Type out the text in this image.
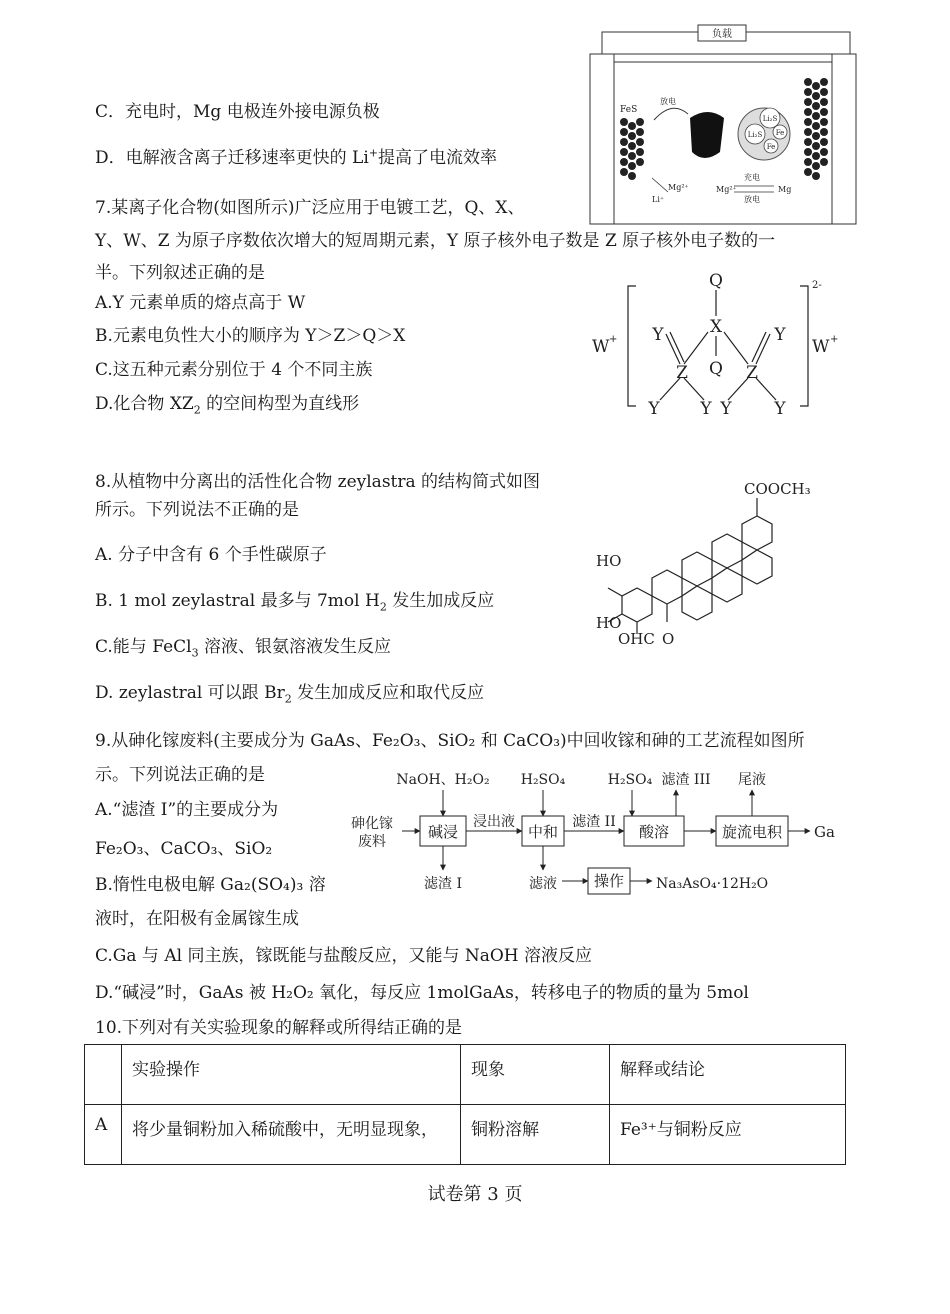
C．充电时，Mg 电极连外接电源负极
D．电解液含离子迁移速率更快的 Li+提高了电流效率
负载
FeS
放电
Li₂S
Li₂S Fe
Fe
Mg²⁺
Li⁺
充电
Mg²⁺	Mg
放电
7.某离子化合物(如图所示)广泛应用于电镀工艺，Q、X、
Y、W、Z 为原子序数依次增大的短周期元素，Y 原子核外电子数是 Z 原子核外电子数的一
半。下列叙述正确的是
A.Y 元素单质的熔点高于 W
B.元素电负性大小的顺序为 Y＞Z＞Q＞X
C.这五种元素分别位于 4 个不同主族
D.化合物 $XZ_2$ 的空间构型为直线形
Q
X
Q
Y	Y
Z	Z
Y Y Y	Y
W +	W +
2-
8.从植物中分离出的活性化合物 zeylastra 的结构简式如图
所示。下列说法不正确的是
A. 分子中含有 6 个手性碳原子
B. 1 mol zeylastral 最多与 7mol $H_2$ 发生加成反应
C.能与 FeCl$_3$ 溶液、银氨溶液发生反应
D. zeylastral 可以跟 $Br_2$ 发生加成反应和取代反应
COOCH₃
HO
HO
OHC O
9.从砷化镓废料(主要成分为 GaAs、Fe₂O₃、SiO₂ 和 CaCO₃)中回收镓和砷的工艺流程如图所
示。下列说法正确的是
A.“滤渣 I”的主要成分为
Fe₂O₃、CaCO₃、SiO₂
B.惰性电极电解 Ga₂(SO₄)₃ 溶
液时，在阳极有金属镓生成
C.Ga 与 Al 同主族，镓既能与盐酸反应，又能与 NaOH 溶液反应
D.“碱浸”时，GaAs 被 H₂O₂ 氧化，每反应 1molGaAs，转移电子的物质的量为 5mol
NaOH、H₂O₂ H₂SO₄	H₂SO₄ 滤渣 III 尾液
砷化镓
废料
碱浸
浸出液
中和
滤渣 II
酸溶	旋流电积 Ga
滤渣 I	滤液 操作 Na₃AsO₄·12H₂O
10.下列对有关实验现象的解释或所得结正确的是
	实验操作	现象	解释或结论
A	将少量铜粉加入稀硫酸中，无明显现象，	铜粉溶解	Fe³⁺与铜粉反应
试卷第 3 页
